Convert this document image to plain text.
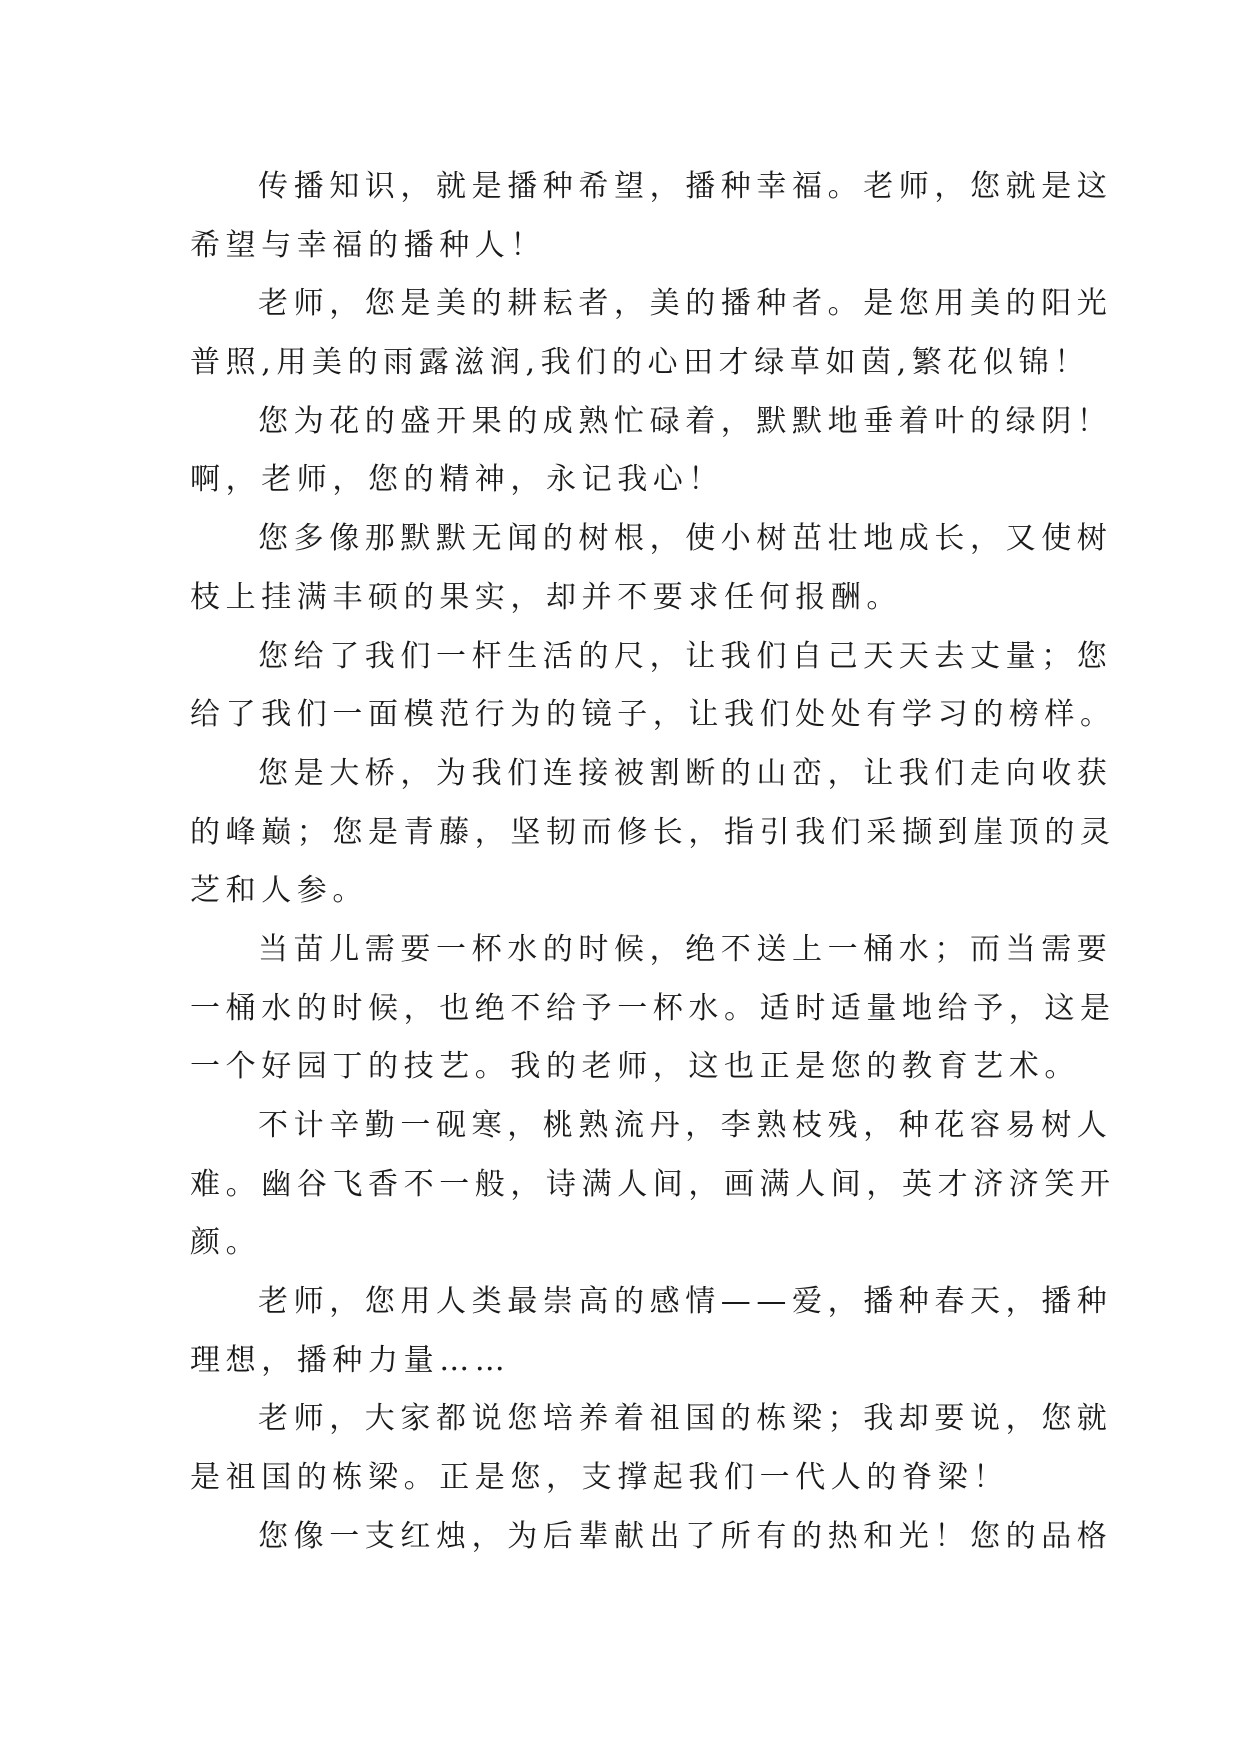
传播知识，就是播种希望，播种幸福。老师，您就是这
希望与幸福的播种人！
老师，您是美的耕耘者，美的播种者。是您用美的阳光
普照,用美的雨露滋润,我们的心田才绿草如茵,繁花似锦！
您为花的盛开果的成熟忙碌着，默默地垂着叶的绿阴！
啊，老师，您的精神，永记我心！
您多像那默默无闻的树根，使小树茁壮地成长，又使树
枝上挂满丰硕的果实，却并不要求任何报酬。
您给了我们一杆生活的尺，让我们自己天天去丈量；您
给了我们一面模范行为的镜子，让我们处处有学习的榜样。
您是大桥，为我们连接被割断的山峦，让我们走向收获
的峰巅；您是青藤，坚韧而修长，指引我们采撷到崖顶的灵
芝和人参。
当苗儿需要一杯水的时候，绝不送上一桶水；而当需要
一桶水的时候，也绝不给予一杯水。适时适量地给予，这是
一个好园丁的技艺。我的老师，这也正是您的教育艺术。
不计辛勤一砚寒，桃熟流丹，李熟枝残，种花容易树人
难。幽谷飞香不一般，诗满人间，画满人间，英才济济笑开
颜。
老师，您用人类最崇高的感情——爱，播种春天，播种
理想，播种力量……
老师，大家都说您培养着祖国的栋梁；我却要说，您就
是祖国的栋梁。正是您，支撑起我们一代人的脊梁！
您像一支红烛，为后辈献出了所有的热和光！您的品格
